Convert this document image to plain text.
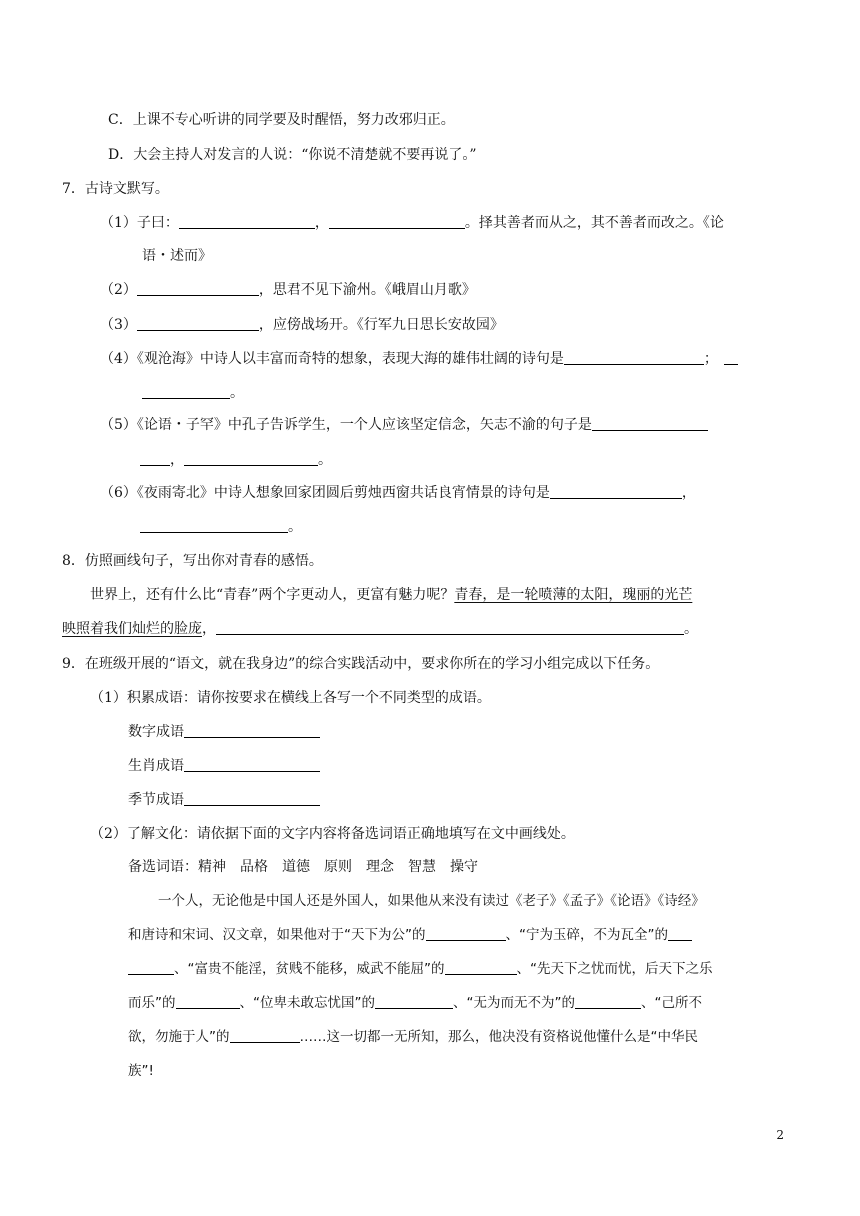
C．上课不专心听讲的同学要及时醒悟，努力改邪归正。
D．大会主持人对发言的人说：“你说不清楚就不要再说了。”
7．古诗文默写。
（1）子曰：	，	。择其善者而从之，其不善者而改之。《论
语・述而》
（2）	，思君不见下渝州。《峨眉山月歌》
（3）	，应傍战场开。《行军九日思长安故园》
（4）《观沧海》中诗人以丰富而奇特的想象，表现大海的雄伟壮阔的诗句是	；
。
（5）《论语・子罕》中孔子告诉学生，一个人应该坚定信念，矢志不渝的句子是
，	。
（6）《夜雨寄北》中诗人想象回家团圆后剪烛西窗共话良宵情景的诗句是	，
。
8．仿照画线句子，写出你对青春的感悟。
世界上，还有什么比“青春”两个字更动人，更富有魅力呢？青春，是一轮喷薄的太阳，瑰丽的光芒
映照着我们灿烂的脸庞，	。
9．在班级开展的“语文，就在我身边”的综合实践活动中，要求你所在的学习小组完成以下任务。
（1）积累成语：请你按要求在横线上各写一个不同类型的成语。
数字成语
生肖成语
季节成语
（2）了解文化：请依据下面的文字内容将备选词语正确地填写在文中画线处。
备选词语：精神　品格　道德　原则　理念　智慧　操守
一个人，无论他是中国人还是外国人，如果他从来没有读过《老子》《孟子》《论语》《诗经》
和唐诗和宋词、汉文章，如果他对于“天下为公”的	、“宁为玉碎，不为瓦全”的
、“富贵不能淫，贫贱不能移，威武不能屈”的	、“先天下之忧而忧，后天下之乐
而乐”的	、“位卑未敢忘忧国”的	、“无为而无不为”的	、“己所不
欲，勿施于人”的	……这一切都一无所知，那么，他决没有资格说他懂什么是“中华民
族”!
2
